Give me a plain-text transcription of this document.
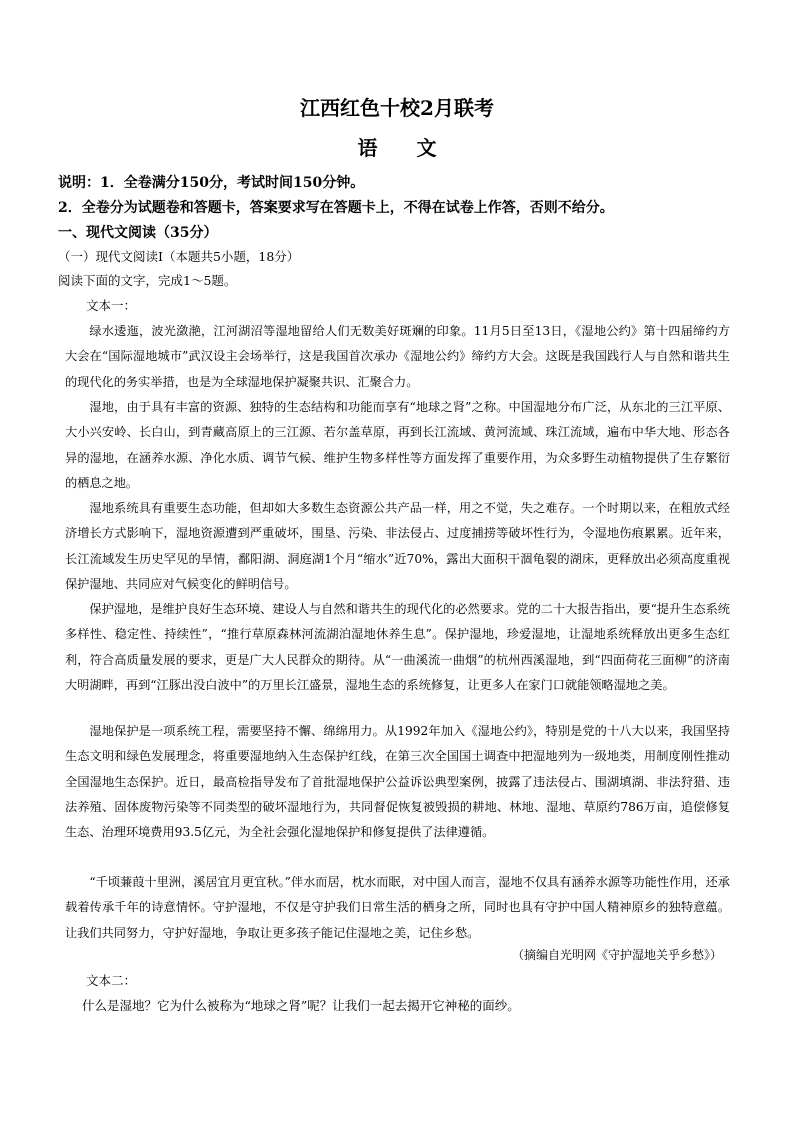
江西红色十校2月联考
语 文
说明：1．全卷满分150分，考试时间150分钟。
2．全卷分为试题卷和答题卡，答案要求写在答题卡上，不得在试卷上作答，否则不给分。
一、现代文阅读（35分）
（一）现代文阅读Ⅰ（本题共5小题，18分）
阅读下面的文字，完成1～5题。
文本一：

绿水逶迤，波光潋滟，江河湖沼等湿地留给人们无数美好斑斓的印象。11月5日至13日，《湿地公约》第十四届缔约方大会在“国际湿地城市”武汉设主会场举行，这是我国首次承办《湿地公约》缔约方大会。这既是我国践行人与自然和谐共生的现代化的务实举措，也是为全球湿地保护凝聚共识、汇聚合力。

湿地，由于具有丰富的资源、独特的生态结构和功能而享有“地球之肾”之称。中国湿地分布广泛，从东北的三江平原、大小兴安岭、长白山，到青藏高原上的三江源、若尔盖草原，再到长江流域、黄河流域、珠江流域，遍布中华大地、形态各异的湿地，在涵养水源、净化水质、调节气候、维护生物多样性等方面发挥了重要作用，为众多野生动植物提供了生存繁衍的栖息之地。

湿地系统具有重要生态功能，但却如大多数生态资源公共产品一样，用之不觉，失之难存。一个时期以来，在粗放式经济增长方式影响下，湿地资源遭到严重破坏，围垦、污染、非法侵占、过度捕捞等破坏性行为，令湿地伤痕累累。近年来，长江流域发生历史罕见的旱情，鄱阳湖、洞庭湖1个月“缩水”近70%，露出大面积干涸龟裂的湖床，更释放出必须高度重视保护湿地、共同应对气候变化的鲜明信号。

保护湿地，是维护良好生态环境、建设人与自然和谐共生的现代化的必然要求。党的二十大报告指出，要“提升生态系统多样性、稳定性、持续性”，“推行草原森林河流湖泊湿地休养生息”。保护湿地，珍爱湿地，让湿地系统释放出更多生态红利，符合高质量发展的要求，更是广大人民群众的期待。从“一曲溪流一曲烟”的杭州西溪湿地，到“四面荷花三面柳”的济南大明湖畔，再到“江豚出没白波中”的万里长江盛景，湿地生态的系统修复，让更多人在家门口就能领略湿地之美。

湿地保护是一项系统工程，需要坚持不懈、绵绵用力。从1992年加入《湿地公约》，特别是党的十八大以来，我国坚持生态文明和绿色发展理念，将重要湿地纳入生态保护红线，在第三次全国国土调查中把湿地列为一级地类，用制度刚性推动全国湿地生态保护。近日，最高检指导发布了首批湿地保护公益诉讼典型案例，披露了违法侵占、围湖填湖、非法狩猎、违法养殖、固体废物污染等不同类型的破坏湿地行为，共同督促恢复被毁损的耕地、林地、湿地、草原约786万亩，追偿修复生态、治理环境费用93.5亿元，为全社会强化湿地保护和修复提供了法律遵循。

“千顷蒹葭十里洲，溪居宜月更宜秋。”伴水而居，枕水而眠，对中国人而言，湿地不仅具有涵养水源等功能性作用，还承载着传承千年的诗意情怀。守护湿地，不仅是守护我们日常生活的栖身之所，同时也具有守护中国人精神原乡的独特意蕴。让我们共同努力，守护好湿地，争取让更多孩子能记住湿地之美，记住乡愁。

（摘编自光明网《守护湿地关乎乡愁》）
文本二：
什么是湿地？它为什么被称为“地球之肾”呢？让我们一起去揭开它神秘的面纱。
